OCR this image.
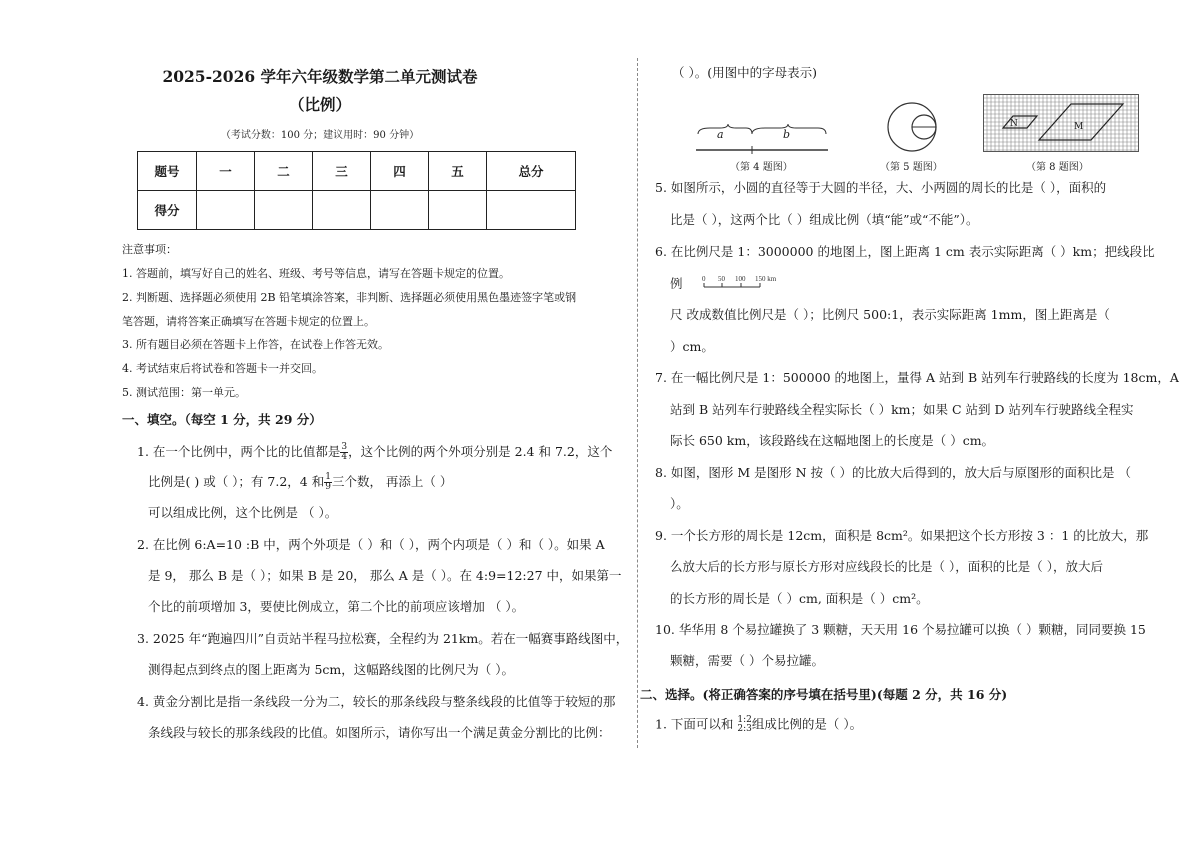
2025-2026 学年六年级数学第二单元测试卷
（比例）
（考试分数：100 分；建议用时：90 分钟）
题号	一	二	三	四	五	总分
得分						
注意事项：
1. 答题前，填写好自己的姓名、班级、考号等信息，请写在答题卡规定的位置。
2. 判断题、选择题必须使用 2B 铅笔填涂答案，非判断、选择题必须使用黑色墨迹签字笔或钢
笔答题，请将答案正确填写在答题卡规定的位置上。
3. 所有题目必须在答题卡上作答，在试卷上作答无效。
4. 考试结束后将试卷和答题卡一并交回。
5. 测试范围：第一单元。
一、填空。（每空 1 分，共 29 分）
1. 在一个比例中，两个比的比值都是 $\frac{3}{4}$ ，这个比例的两个外项分别是 2.4 和 7.2，这个
比例是( ) 或（ ）；有 7.2，4 和 $\frac{1}{9}$ 三个数， 再添上（ ）
可以组成比例，这个比例是 （ ）。
2. 在比例 6:A=10 :B 中，两个外项是（ ）和（ ），两个内项是（ ）和（ ）。如果 A
是 9， 那么 B 是（ ）；如果 B 是 20， 那么 A 是（ ）。在 4:9=12:27 中，如果第一
个比的前项增加 3，要使比例成立，第二个比的前项应该增加 （ ）。
3. 2025 年“跑遍四川”自贡站半程马拉松赛，全程约为 21km。若在一幅赛事路线图中，
测得起点到终点的图上距离为 5cm，这幅路线图的比例尺为（ ）。
4. 黄金分割比是指一条线段一分为二，较长的那条线段与整条线段的比值等于较短的那
条线段与较长的那条线段的比值。如图所示，请你写出一个满足黄金分割比的比例：
（ ）。(用图中的字母表示)
a	b
（第 4 题图）	（第 5 题图）
N	M
（第 8 题图）
5. 如图所示，小圆的直径等于大圆的半径，大、小两圆的周长的比是（ ），面积的
比是（ ），这两个比（ ）组成比例（填“能”或“不能”）。
6. 在比例尺是 1：3000000 的地图上，图上距离 1 cm 表示实际距离（ ）km；把线段比
例	0 50 100 150 km
尺 改成数值比例尺是（ ）；比例尺 500:1，表示实际距离 1mm，图上距离是（
）cm。
7. 在一幅比例尺是 1：500000 的地图上，量得 A 站到 B 站列车行驶路线的长度为 18cm，A
站到 B 站列车行驶路线全程实际长（ ）km；如果 C 站到 D 站列车行驶路线全程实
际长 650 km，该段路线在这幅地图上的长度是（ ）cm。
8. 如图，图形 M 是图形 N 按（ ）的比放大后得到的，放大后与原图形的面积比是 （
）。
9. 一个长方形的周长是 12cm，面积是 8cm²。如果把这个长方形按 3 ：1 的比放大，那
么放大后的长方形与原长方形对应线段长的比是（ ），面积的比是（ ），放大后
的长方形的周长是（ ）cm, 面积是（ ）cm²。
10. 华华用 8 个易拉罐换了 3 颗糖，天天用 16 个易拉罐可以换（ ）颗糖，同同要换 15
颗糖，需要（ ）个易拉罐。
二、选择。(将正确答案的序号填在括号里)(每题 2 分，共 16 分)
1. 下面可以和 1:2
2:3 组成比例的是（ ）。
